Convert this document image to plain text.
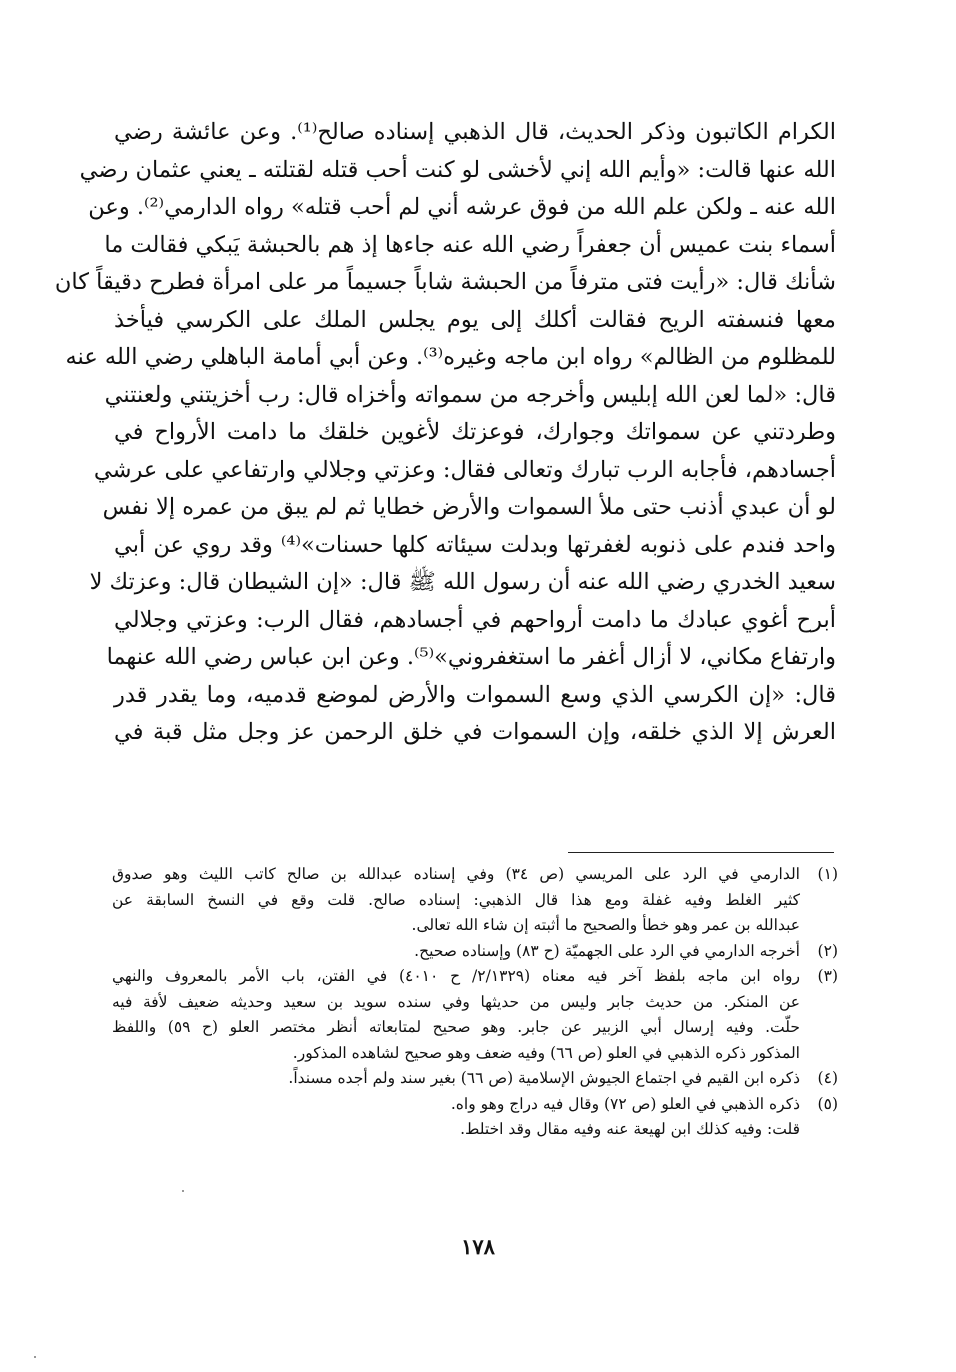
الكرام الكاتبون وذكر الحديث، قال الذهبي إسناده صالح⁽¹⁾. وعن عائشة رضي
الله عنها قالت: «وأيم الله إني لأخشى لو كنت أحب قتله لقتلته ـ يعني عثمان رضي
الله عنه ـ ولكن علم الله من فوق عرشه أني لم أحب قتله» رواه الدارمي⁽²⁾. وعن
أسماء بنت عميس أن جعفراً رضي الله عنه جاءها إذ هم بالحبشة يَبكي فقالت ما
شأنك قال: «رأيت فتى مترفاً من الحبشة شاباً جسيماً مر على امرأة فطرح دقيقاً كان
معها فنسفته الريح فقالت أكلك إلى يوم يجلس الملك على الكرسي فيأخذ
للمظلوم من الظالم» رواه ابن ماجه وغيره⁽³⁾. وعن أبي أمامة الباهلي رضي الله عنه
قال: «لما لعن الله إبليس وأخرجه من سمواته وأخزاه قال: رب أخزيتني ولعنتني
وطردتني عن سمواتك وجوارك، فوعزتك لأغوين خلقك ما دامت الأرواح في
أجسادهم، فأجابه الرب تبارك وتعالى فقال: وعزتي وجلالي وارتفاعي على عرشي
لو أن عبدي أذنب حتى ملأ السموات والأرض خطايا ثم لم يبق من عمره إلا نفس
واحد فندم على ذنوبه لغفرتها وبدلت سيئاته كلها حسنات»⁽⁴⁾ وقد روي عن أبي
سعيد الخدري رضي الله عنه أن رسول الله ﷺ قال: «إن الشيطان قال: وعزتك لا
أبرح أغوي عبادك ما دامت أرواحهم في أجسادهم، فقال الرب: وعزتي وجلالي
وارتفاع مكاني، لا أزال أغفر ما استغفروني»⁽⁵⁾. وعن ابن عباس رضي الله عنهما
قال: «إن الكرسي الذي وسع السموات والأرض لموضع قدميه، وما يقدر قدر
العرش إلا الذي خلقه، وإن السموات في خلق الرحمن عز وجل مثل قبة في
(١)الدارمي في الرد على المريسي (ص ٣٤) وفي إسناده عبدالله بن صالح كاتب الليث وهو صدوق
كثير الغلط وفيه غفلة ومع هذا قال الذهبي: إسناده صالح. قلت وقع في النسخ السابقة عن
عبدالله بن عمر وهو خطأ والصحيح ما أثبته إن شاء الله تعالى.
(٢)أخرجه الدارمي في الرد على الجهميّة (ح ٨٣) وإسناده صحيح.
(٣)رواه ابن ماجه بلفظ آخر فيه معناه (٢/١٣٢٩/ ح ٤٠١٠) في الفتن، باب الأمر بالمعروف والنهي
عن المنكر. من حديث جابر وليس من حديثها وفي سنده سويد بن سعيد وحديثه ضعيف لأفة فيه
حلّت. وفيه إرسال أبي الزبير عن جابر. وهو صحيح لمتابعاته أنظر مختصر العلو (ح ٥٩) واللفظ
المذكور ذكره الذهبي في العلو (ص ٦٦) وفيه ضعف وهو صحيح لشاهده المذكور.
(٤)ذكره ابن القيم في اجتماع الجيوش الإسلامية (ص ٦٦) بغير سند ولم أجده مسنداً.
(٥)ذكره الذهبي في العلو (ص ٧٢) وقال فيه دراج وهو واه.
قلت: وفيه كذلك ابن لهيعة عنه وفيه مقال وقد اختلط.
١٧٨
